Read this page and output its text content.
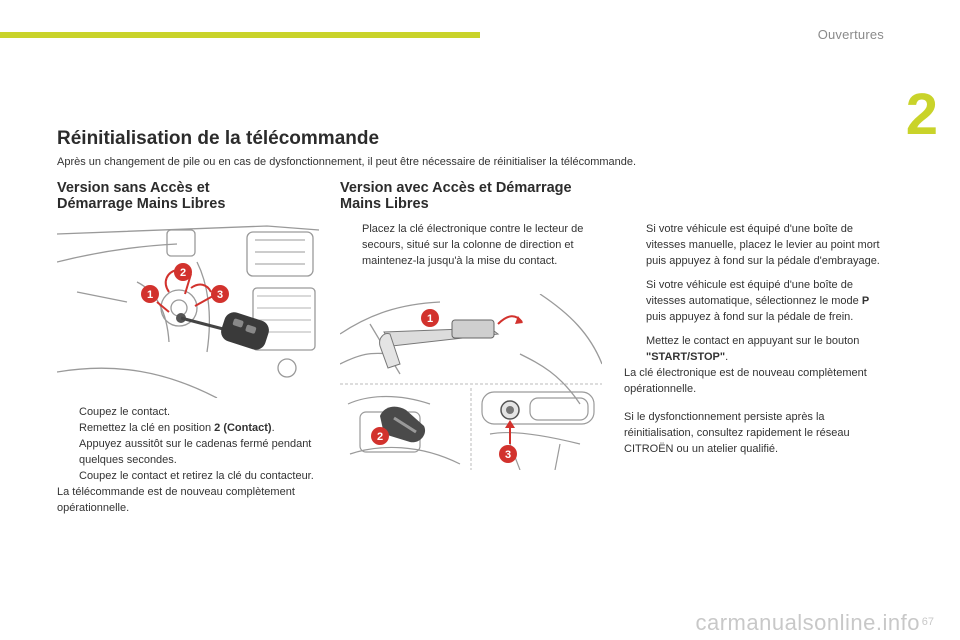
Ouvertures
2
Réinitialisation de la télécommande

Après un changement de pile ou en cas de dysfonctionnement, il peut être nécessaire de réinitialiser la télécommande.

Version sans Accès et
Démarrage Mains Libres
1
2
3
Coupez le contact.
Remettez la clé en position 2 (Contact).
Appuyez aussitôt sur le cadenas fermé pendant quelques secondes.
Coupez le contact et retirez la clé du contacteur.

La télécommande est de nouveau complètement opérationnelle.

Version avec Accès et Démarrage
Mains Libres
Placez la clé électronique contre le lecteur de secours, situé sur la colonne de direction et maintenez-la jusqu'à la mise du contact.
1
2
3
Si votre véhicule est équipé d'une boîte de vitesses manuelle, placez le levier au point mort puis appuyez à fond sur la pédale d'embrayage.
Si votre véhicule est équipé d'une boîte de vitesses automatique, sélectionnez le mode P puis appuyez à fond sur la pédale de frein.
Mettez le contact en appuyant sur le bouton "START/STOP".

La clé électronique est de nouveau complètement opérationnelle.

Si le dysfonctionnement persiste après la réinitialisation, consultez rapidement le réseau CITROËN ou un atelier qualifié.

carmanualsonline.info 67
